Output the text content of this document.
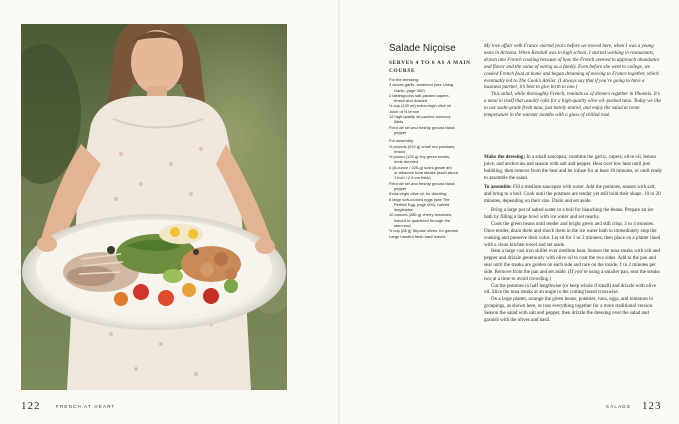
122	FRENCH AT HEART
Salade Niçoise
SERVES 4 TO 6 AS A MAIN COURSE
For the dressing:
3 cloves garlic, smashed (see Using
Garlic, page 000)
2 tablespoons salt-packed capers,
rinsed and drained
½ cup (120 ml) extra-virgin olive oil
Juice of ½ lemon
12 high-quality oil-packed anchovy
fillets
Fleur de sel and freshly ground black
pepper
For assembly:
½ pounds (510 g) small red potatoes,
rinsed
½ pound (125 g) tiny green beans,
ends trimmed
4 (8-ounce / 225-g) sushi-grade ahi
or albacore tuna steaks (each about
1 inch / 2.5 cm thick)
Fleur de sel and freshly ground black
pepper
Extra-virgin olive oil, for drizzling
6 large soft-cooked eggs (see The
Perfect Egg, page 000), halved
lengthwise
10 ounces (285 g) cherry tomatoes,
halved or quartered through the
stem end
½ cup (85 g) Niçoise olives, for garnish
Large handful fresh basil leaves

My love affair with France started years before we moved here, when I was a young mom in Arizona. When Kendall was in high school, I started working in restaurants, drawn into French cooking because of how the French seemed to approach abundance and flavor and the value of eating as a family. Even before she went to college, we cooked French food at home and began dreaming of moving to France together, which eventually led to The Cook’s Atelier. (I always say that if you’re going to have a business partner, it’s best to give birth to one.)

This salad, while thoroughly French, reminds us of dinners together in Phoenix. It’s a meal in itself that usually calls for a high-quality olive oil–packed tuna. Today we like to use sushi-grade fresh tuna, just barely seared, and enjoy the salad at room temperature in the warmer months with a glass of chilled rosé.

Make the dressing: In a small saucepan, combine the garlic, capers, olive oil, lemon juice, and anchovies and season with salt and pepper. Heat over low heat until just bubbling, then remove from the heat and let infuse for at least 10 minutes, or until ready to assemble the salad.

To assemble: Fill a medium saucepan with water. Add the potatoes, season with salt, and bring to a boil. Cook until the potatoes are tender yet still hold their shape, 10 to 20 minutes, depending on their size. Drain and set aside.

Bring a large pot of salted water to a boil for blanching the beans. Prepare an ice bath by filling a large bowl with ice water and set nearby.

Cook the green beans until tender and bright green and still crisp, 3 to 4 minutes. Once tender, drain them and shock them in the ice water bath to immediately stop the cooking and preserve their color. Let sit for 1 or 2 minutes, then place on a platter lined with a clean kitchen towel and set aside.

Heat a large cast iron skillet over medium heat. Season the tuna steaks with salt and pepper and drizzle generously with olive oil to coat the two sides. Add to the pan and sear until the steaks are golden on each side and rare on the inside, 1 to 2 minutes per side. Remove from the pan and set aside. (If you’re using a smaller pan, sear the steaks two at a time to avoid crowding.)

Cut the potatoes in half lengthwise (or keep whole if small) and drizzle with olive oil. Slice the tuna steaks at an angle to the cutting board crosswise.

On a large platter, arrange the green beans, potatoes, tuna, eggs, and tomatoes in groupings, as shown here, or toss everything together for a more traditional version. Season the salad with salt and pepper, then drizzle the dressing over the salad and garnish with the olives and basil.

SALADS 123
